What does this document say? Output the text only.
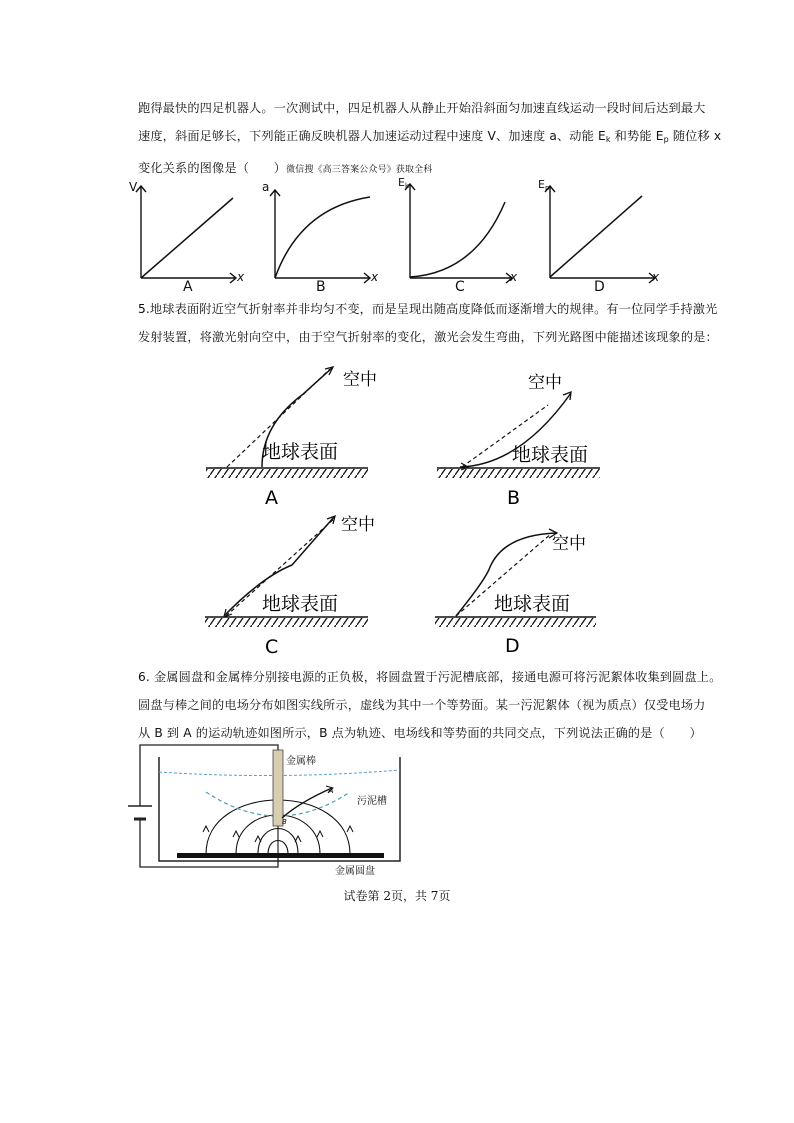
跑得最快的四足机器人。一次测试中，四足机器人从静止开始沿斜面匀加速直线运动一段时间后达到最大

速度，斜面足够长，下列能正确反映机器人加速运动过程中速度 V、加速度 a、动能 $E_k$ 和势能 $E_p$ 随位移 x

变化关系的图像是（　　）微信搜《高三答案公众号》获取全科

V
x
A
a
x
B
Ek
x
C
Ep
x
D

5.地球表面附近空气折射率并非均匀不变，而是呈现出随高度降低而逐渐增大的规律。有一位同学手持激光

发射装置，将激光射向空中，由于空气折射率的变化，激光会发生弯曲，下列光路图中能描述该现象的是：

空中
地球表面
A
空中
地球表面
B
空中
地球表面
C
空中
地球表面
D

6. 金属圆盘和金属棒分别接电源的正负极，将圆盘置于污泥槽底部，接通电源可将污泥絮体收集到圆盘上。

圆盘与棒之间的电场分布如图实线所示，虚线为其中一个等势面。某一污泥絮体（视为质点）仅受电场力

从 B 到 A 的运动轨迹如图所示，B 点为轨迹、电场线和等势面的共同交点，下列说法正确的是（　　）

金属棒
污泥槽
金属圆盘
A
B
试卷第 2页，共 7页
